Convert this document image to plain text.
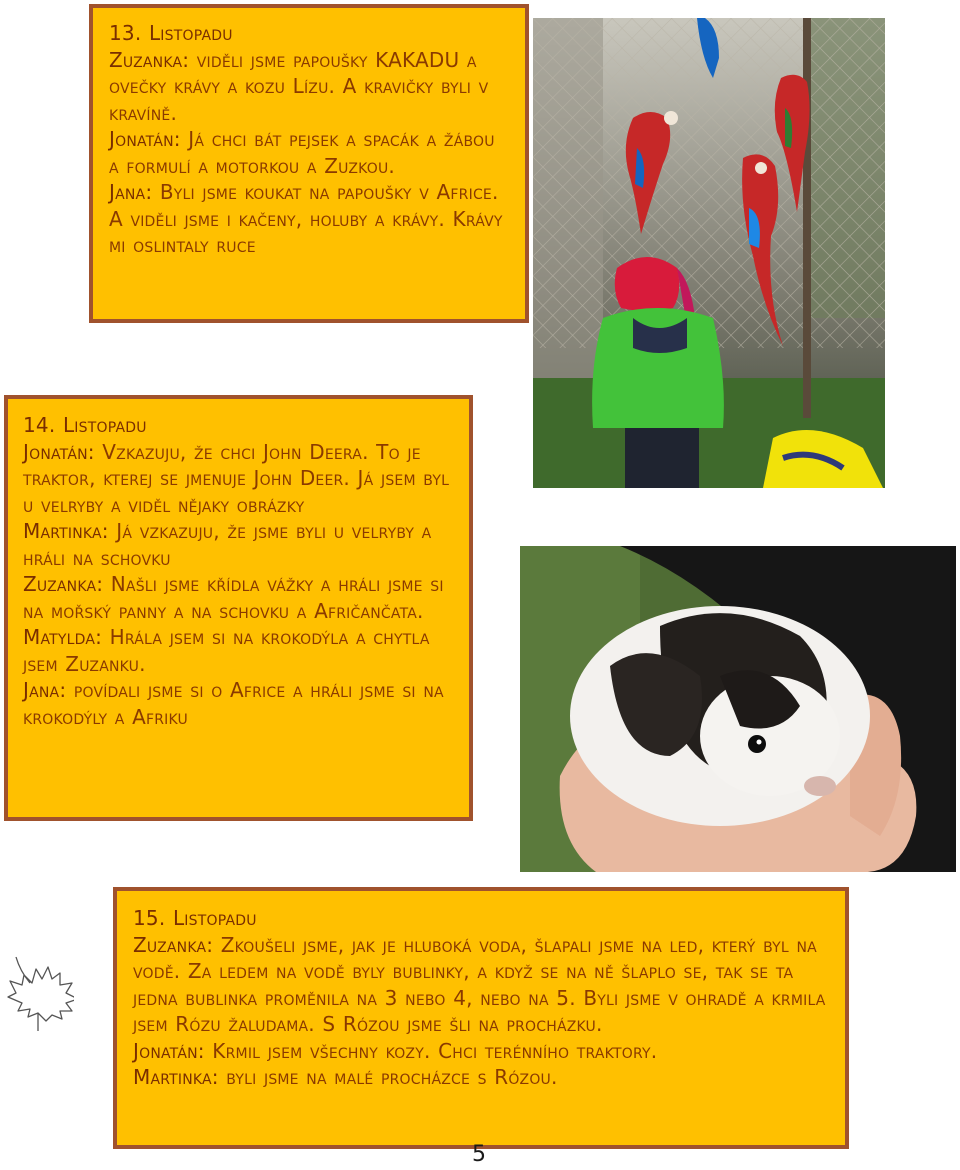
13. Listopadu

Zuzanka: viděli jsme papoušky KAKADU a ovečky krávy a kozu Lízu. A kravičky byli v kravíně.

Jonatán: Já chci bát pejsek a spacák a žábou a formulí a motorkou a Zuzkou.

Jana: Byli jsme koukat na papoušky v Africe. A viděli jsme i kačeny, holuby a krávy. Krávy mi oslintaly ruce

14. Listopadu

Jonatán: Vzkazuju, že chci John Deera. To je traktor, kterej se jmenuje John Deer. Já jsem byl u velryby a viděl nějaky obrázky

Martinka: Já vzkazuju, že jsme byli u velryby a hráli na schovku

Zuzanka: Našli jsme křídla vážky a hráli jsme si na mořský panny a na schovku a Afričančata.

Matylda: Hrála jsem si na krokodýla a chytla jsem Zuzanku.

Jana: povídali jsme si o Africe a hráli jsme si na krokodýly a Afriku

15. Listopadu

Zuzanka: Zkoušeli jsme, jak je hluboká voda, šlapali jsme na led, který byl na vodě. Za ledem na vodě byly bublinky, a když se na ně šlaplo se, tak se ta jedna bublinka proměnila na 3 nebo 4, nebo na 5. Byli jsme v ohradě a krmila jsem Rózu žaludama. S Rózou jsme šli na procházku.

Jonatán: Krmil jsem všechny kozy. Chci terénního traktory.

Martinka: byli jsme na malé procházce s Rózou.

5
